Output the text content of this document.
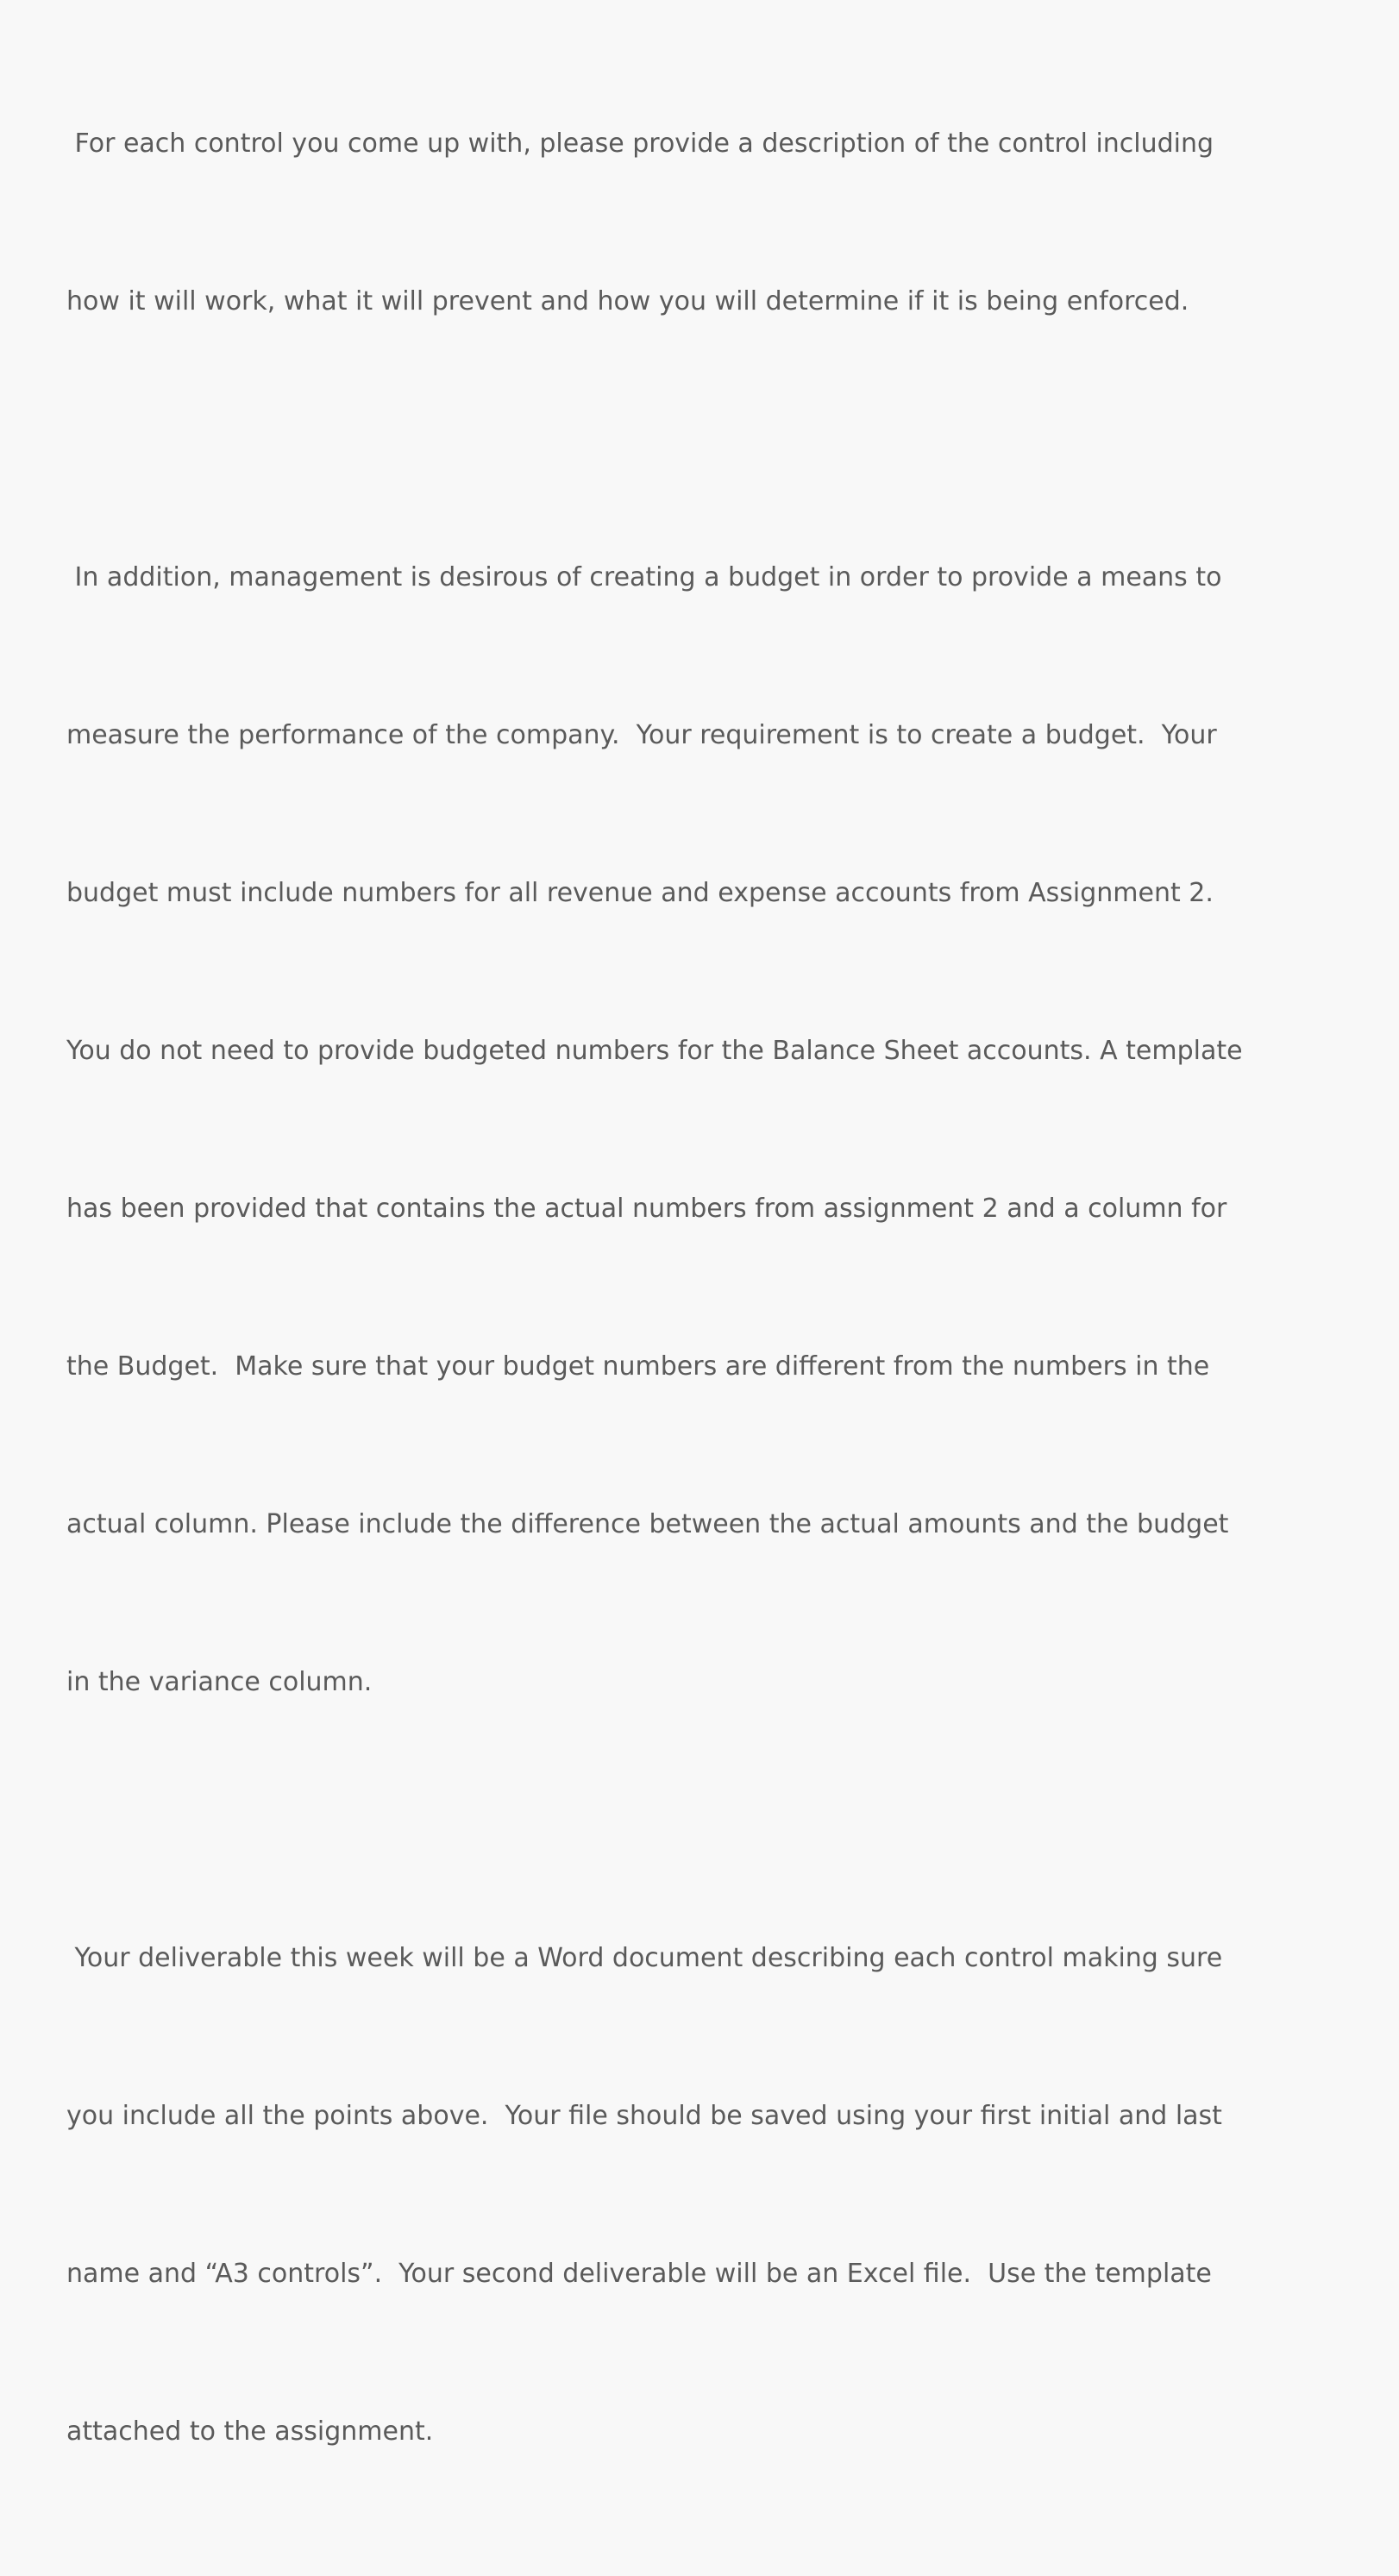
For each control you come up with, please provide a description of the control including

how it will work, what it will prevent and how you will determine if it is being enforced.

In addition, management is desirous of creating a budget in order to provide a means to

measure the performance of the company.  Your requirement is to create a budget.  Your

budget must include numbers for all revenue and expense accounts from Assignment 2.

You do not need to provide budgeted numbers for the Balance Sheet accounts. A template

has been provided that contains the actual numbers from assignment 2 and a column for

the Budget.  Make sure that your budget numbers are different from the numbers in the

actual column. Please include the difference between the actual amounts and the budget

in the variance column.

Your deliverable this week will be a Word document describing each control making sure

you include all the points above.  Your file should be saved using your first initial and last

name and “A3 controls”.  Your second deliverable will be an Excel file.  Use the template

attached to the assignment.
